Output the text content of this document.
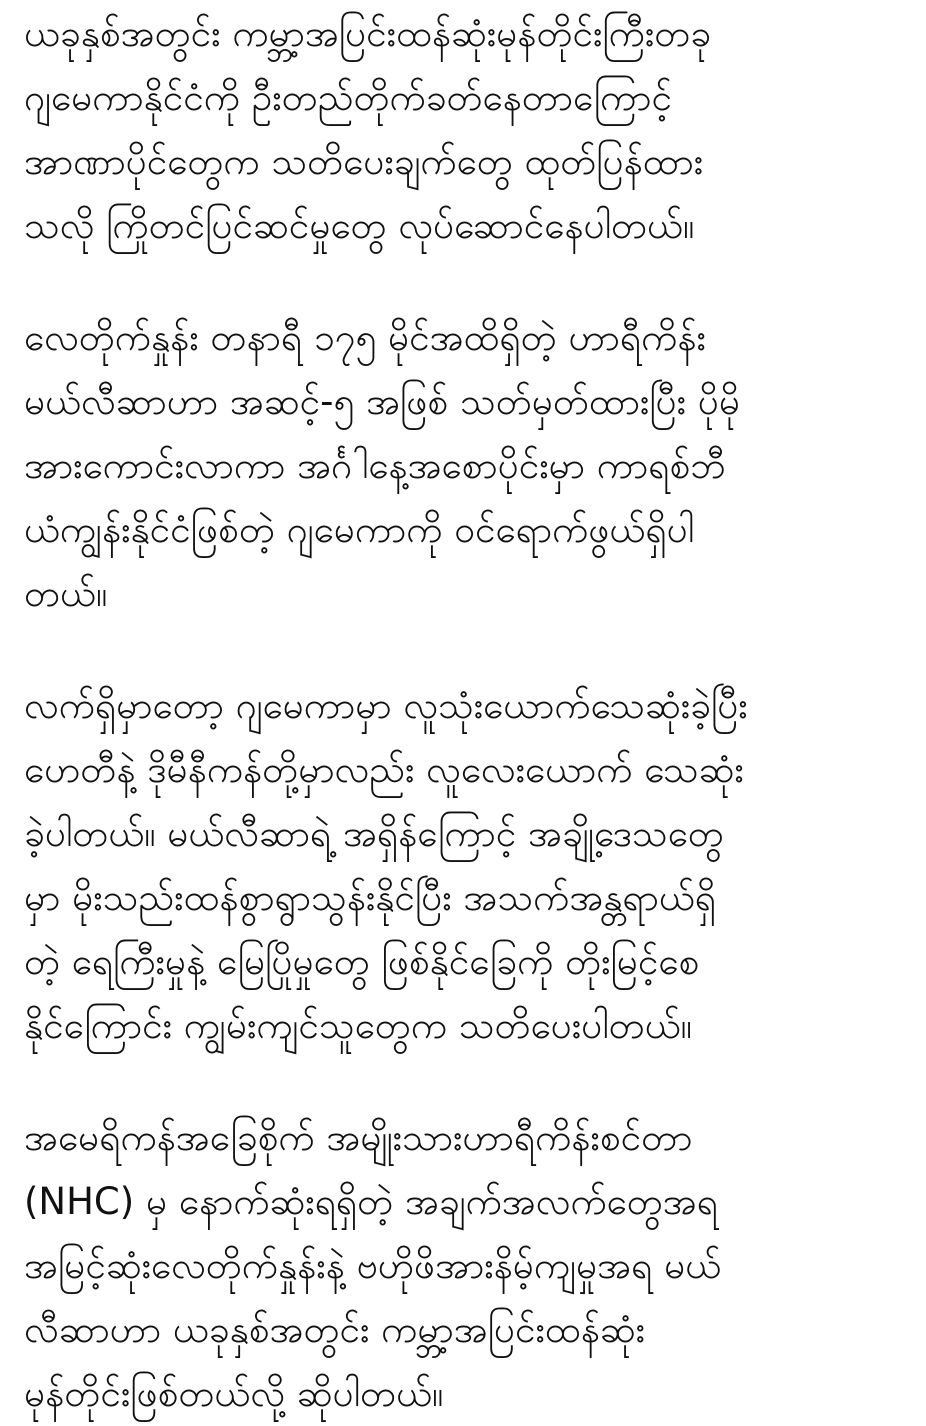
ယခုနှစ်အတွင်း ကမ္ဘာ့အပြင်းထန်ဆုံးမုန်တိုင်းကြီးတခု
ဂျမေကာနိုင်ငံကို ဦးတည်တိုက်ခတ်နေတာကြောင့်
အာဏာပိုင်တွေက သတိပေးချက်တွေ ထုတ်ပြန်ထား
သလို ကြိုတင်ပြင်ဆင်မှုတွေ လုပ်ဆောင်နေပါတယ်။
လေတိုက်နှုန်း တနာရီ ၁၇၅ မိုင်အထိရှိတဲ့ ဟာရီကိန်း
မယ်လီဆာဟာ အဆင့်-၅ အဖြစ် သတ်မှတ်ထားပြီး ပိုမို
အားကောင်းလာကာ အင်္ဂါနေ့အစောပိုင်းမှာ ကာရစ်ဘီ
ယံကျွန်းနိုင်ငံဖြစ်တဲ့ ဂျမေကာကို ဝင်ရောက်ဖွယ်ရှိပါ
တယ်။
လက်ရှိမှာတော့ ဂျမေကာမှာ လူသုံးယောက်သေဆုံးခဲ့ပြီး
ဟေတီနဲ့ ဒိုမီနီကန်တို့မှာလည်း လူလေးယောက် သေဆုံး
ခဲ့ပါတယ်။ မယ်လီဆာရဲ့ အရှိန်ကြောင့် အချို့ဒေသတွေ
မှာ မိုးသည်းထန်စွာရွာသွန်းနိုင်ပြီး အသက်အန္တရာယ်ရှိ
တဲ့ ရေကြီးမှုနဲ့ မြေပြိုမှုတွေ ဖြစ်နိုင်ခြေကို တိုးမြင့်စေ
နိုင်ကြောင်း ကျွမ်းကျင်သူတွေက သတိပေးပါတယ်။
အမေရိကန်အခြေစိုက် အမျိုးသားဟာရီကိန်းစင်တာ
(NHC) မှ နောက်ဆုံးရရှိတဲ့ အချက်အလက်တွေအရ
အမြင့်ဆုံးလေတိုက်နှုန်းနဲ့ ဗဟိုဖိအားနိမ့်ကျမှုအရ မယ်
လီဆာဟာ ယခုနှစ်အတွင်း ကမ္ဘာ့အပြင်းထန်ဆုံး
မုန်တိုင်းဖြစ်တယ်လို့ ဆိုပါတယ်။
